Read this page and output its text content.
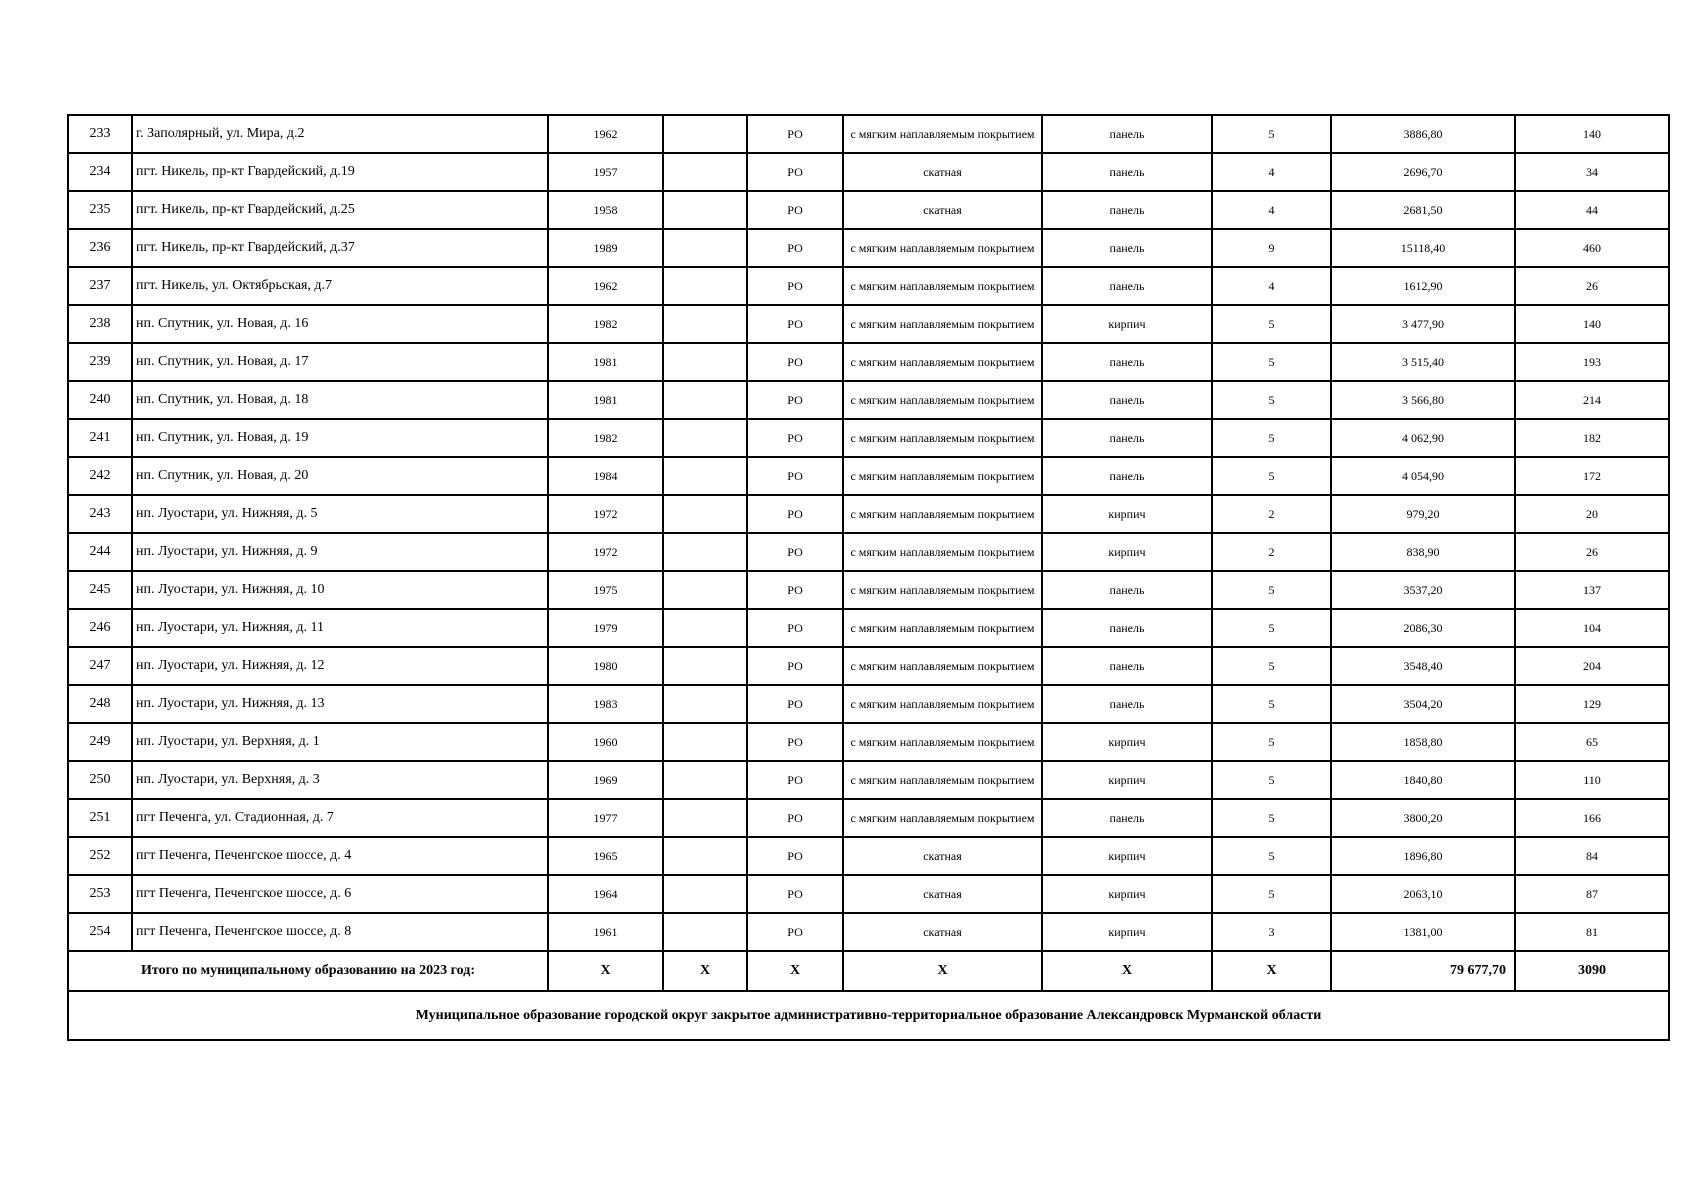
233	г. Заполярный, ул. Мира, д.2	1962		РО	с мягким наплавляемым покрытием	панель	5	3886,80	140
234	пгт. Никель, пр-кт Гвардейский, д.19	1957		РО	скатная	панель	4	2696,70	34
235	пгт. Никель, пр-кт Гвардейский, д.25	1958		РО	скатная	панель	4	2681,50	44
236	пгт. Никель, пр-кт Гвардейский, д.37	1989		РО	с мягким наплавляемым покрытием	панель	9	15118,40	460
237	пгт. Никель, ул. Октябрьская, д.7	1962		РО	с мягким наплавляемым покрытием	панель	4	1612,90	26
238	нп. Спутник, ул. Новая, д. 16	1982		РО	с мягким наплавляемым покрытием	кирпич	5	3 477,90	140
239	нп. Спутник, ул. Новая, д. 17	1981		РО	с мягким наплавляемым покрытием	панель	5	3 515,40	193
240	нп. Спутник, ул. Новая, д. 18	1981		РО	с мягким наплавляемым покрытием	панель	5	3 566,80	214
241	нп. Спутник, ул. Новая, д. 19	1982		РО	с мягким наплавляемым покрытием	панель	5	4 062,90	182
242	нп. Спутник, ул. Новая, д. 20	1984		РО	с мягким наплавляемым покрытием	панель	5	4 054,90	172
243	нп. Луостари, ул. Нижняя, д. 5	1972		РО	с мягким наплавляемым покрытием	кирпич	2	979,20	20
244	нп. Луостари, ул. Нижняя, д. 9	1972		РО	с мягким наплавляемым покрытием	кирпич	2	838,90	26
245	нп. Луостари, ул. Нижняя, д. 10	1975		РО	с мягким наплавляемым покрытием	панель	5	3537,20	137
246	нп. Луостари, ул. Нижняя, д. 11	1979		РО	с мягким наплавляемым покрытием	панель	5	2086,30	104
247	нп. Луостари, ул. Нижняя, д. 12	1980		РО	с мягким наплавляемым покрытием	панель	5	3548,40	204
248	нп. Луостари, ул. Нижняя, д. 13	1983		РО	с мягким наплавляемым покрытием	панель	5	3504,20	129
249	нп. Луостари, ул. Верхняя, д. 1	1960		РО	с мягким наплавляемым покрытием	кирпич	5	1858,80	65
250	нп. Луостари, ул. Верхняя, д. 3	1969		РО	с мягким наплавляемым покрытием	кирпич	5	1840,80	110
251	пгт Печенга, ул. Стадионная, д. 7	1977		РО	с мягким наплавляемым покрытием	панель	5	3800,20	166
252	пгт Печенга, Печенгское шоссе, д. 4	1965		РО	скатная	кирпич	5	1896,80	84
253	пгт Печенга, Печенгское шоссе, д. 6	1964		РО	скатная	кирпич	5	2063,10	87
254	пгт Печенга, Печенгское шоссе, д. 8	1961		РО	скатная	кирпич	3	1381,00	81
Итого по муниципальному образованию на 2023 год:		X	X	X	X	X	X	79 677,70	3090
Муниципальное образование городской округ закрытое административно-территориальное образование Александровск Мурманской области									
